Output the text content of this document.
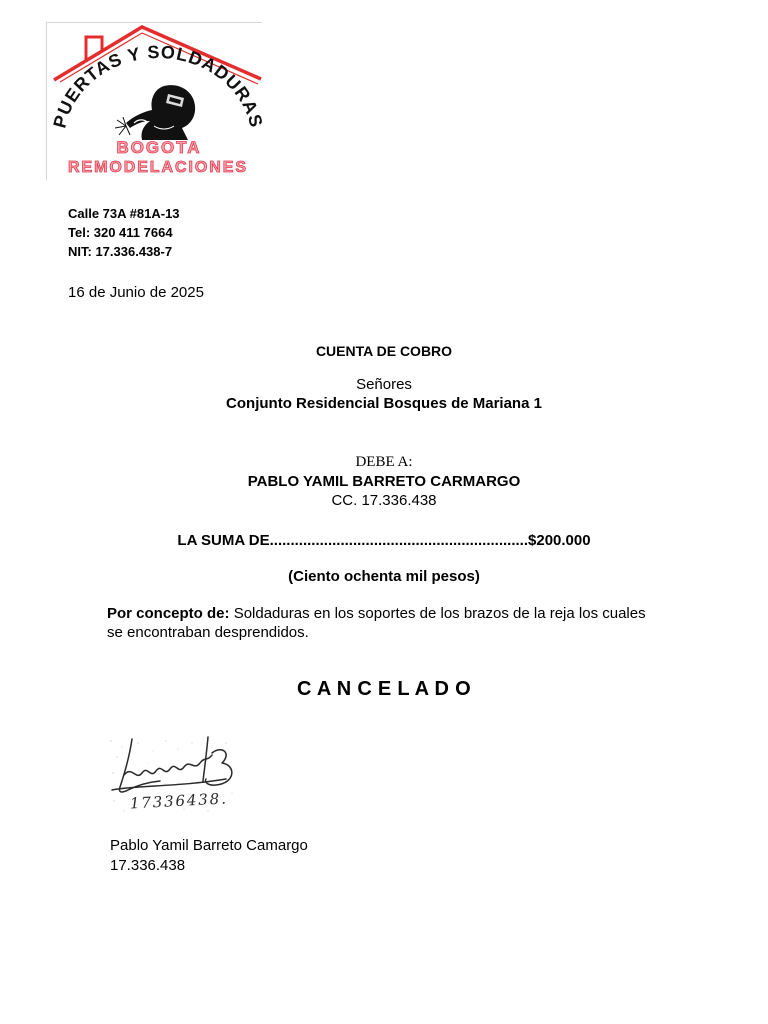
PUERTAS Y SOLDADURA
BOGOTA
REMODELACIONES
Calle 73A #81A-13
Tel: 320 411 7664
NIT: 17.336.438-7
16 de Junio de 2025
CUENTA DE COBRO
Señores
Conjunto Residencial Bosques de Mariana 1
DEBE A:
PABLO YAMIL BARRETO CARMARGO
CC. 17.336.438
LA SUMA DE..............................................................$200.000
(Ciento ochenta mil pesos)
Por concepto de: Soldaduras en los soportes de los brazos de la reja los cuales se encontraban desprendidos.
C A N C E L A D O
17336438.
Pablo Yamil Barreto Camargo
17.336.438
